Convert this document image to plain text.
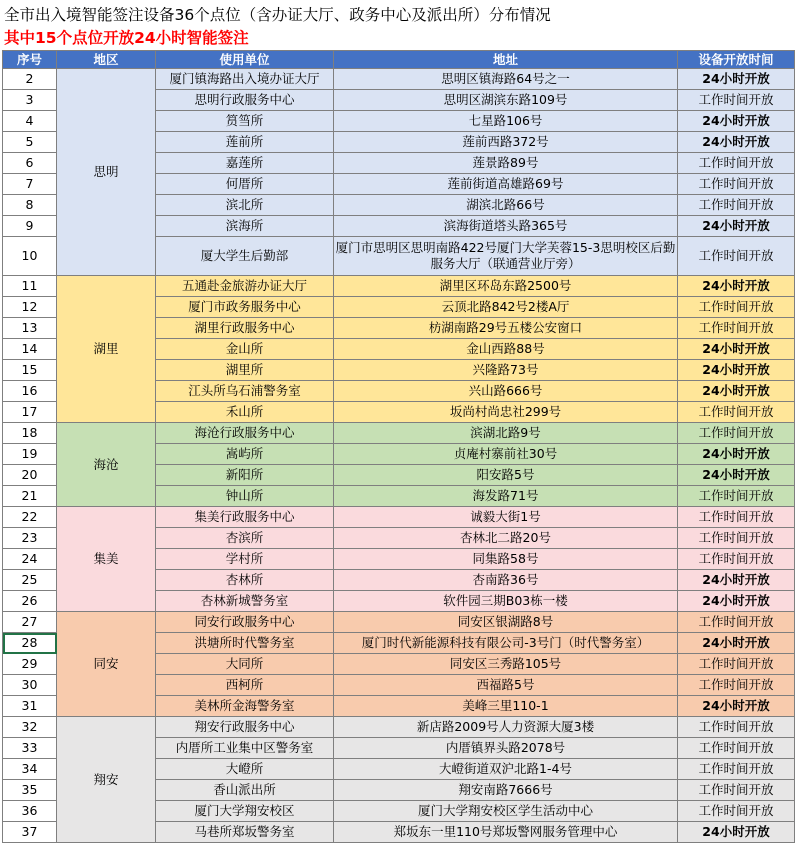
全市出入境智能签注设备36个点位（含办证大厅、政务中心及派出所）分布情况
其中15个点位开放24小时智能签注
序号	地区	使用单位	地址	设备开放时间
2	思明	厦门镇海路出入境办证大厅	思明区镇海路64号之一	24小时开放
3		思明行政服务中心	思明区湖滨东路109号	工作时间开放
4		筼筜所	七星路106号	24小时开放
5		莲前所	莲前西路372号	24小时开放
6		嘉莲所	莲景路89号	工作时间开放
7		何厝所	莲前街道高雄路69号	工作时间开放
8		滨北所	湖滨北路66号	工作时间开放
9		滨海所	滨海街道塔头路365号	24小时开放
10		厦大学生后勤部	厦门市思明区思明南路422号厦门大学芙蓉15-3思明校区后勤服务大厅（联通营业厅旁）	工作时间开放
11	湖里	五通赴金旅游办证大厅	湖里区环岛东路2500号	24小时开放
12		厦门市政务服务中心	云顶北路842号2楼A厅	工作时间开放
13		湖里行政服务中心	枋湖南路29号五楼公安窗口	工作时间开放
14		金山所	金山西路88号	24小时开放
15		湖里所	兴隆路73号	24小时开放
16		江头所乌石浦警务室	兴山路666号	24小时开放
17		禾山所	坂尚村尚忠社299号	工作时间开放
18	海沧	海沧行政服务中心	滨湖北路9号	工作时间开放
19		嵩屿所	贞庵村寨前社30号	24小时开放
20		新阳所	阳安路5号	24小时开放
21		钟山所	海发路71号	工作时间开放
22	集美	集美行政服务中心	诚毅大街1号	工作时间开放
23		杏滨所	杏林北二路20号	工作时间开放
24		学村所	同集路58号	工作时间开放
25		杏林所	杏南路36号	24小时开放
26		杏林新城警务室	软件园三期B03栋一楼	24小时开放
27	同安	同安行政服务中心	同安区银湖路8号	工作时间开放
28		洪塘所时代警务室	厦门时代新能源科技有限公司-3号门（时代警务室）	24小时开放
29		大同所	同安区三秀路105号	工作时间开放
30		西柯所	西福路5号	工作时间开放
31		美林所金海警务室	美峰三里110-1	24小时开放
32	翔安	翔安行政服务中心	新店路2009号人力资源大厦3楼	工作时间开放
33		内厝所工业集中区警务室	内厝镇界头路2078号	工作时间开放
34		大嶝所	大嶝街道双沪北路1-4号	工作时间开放
35		香山派出所	翔安南路7666号	工作时间开放
36		厦门大学翔安校区	厦门大学翔安校区学生活动中心	工作时间开放
37		马巷所郑坂警务室	郑坂东一里110号郑坂警网服务管理中心	24小时开放
